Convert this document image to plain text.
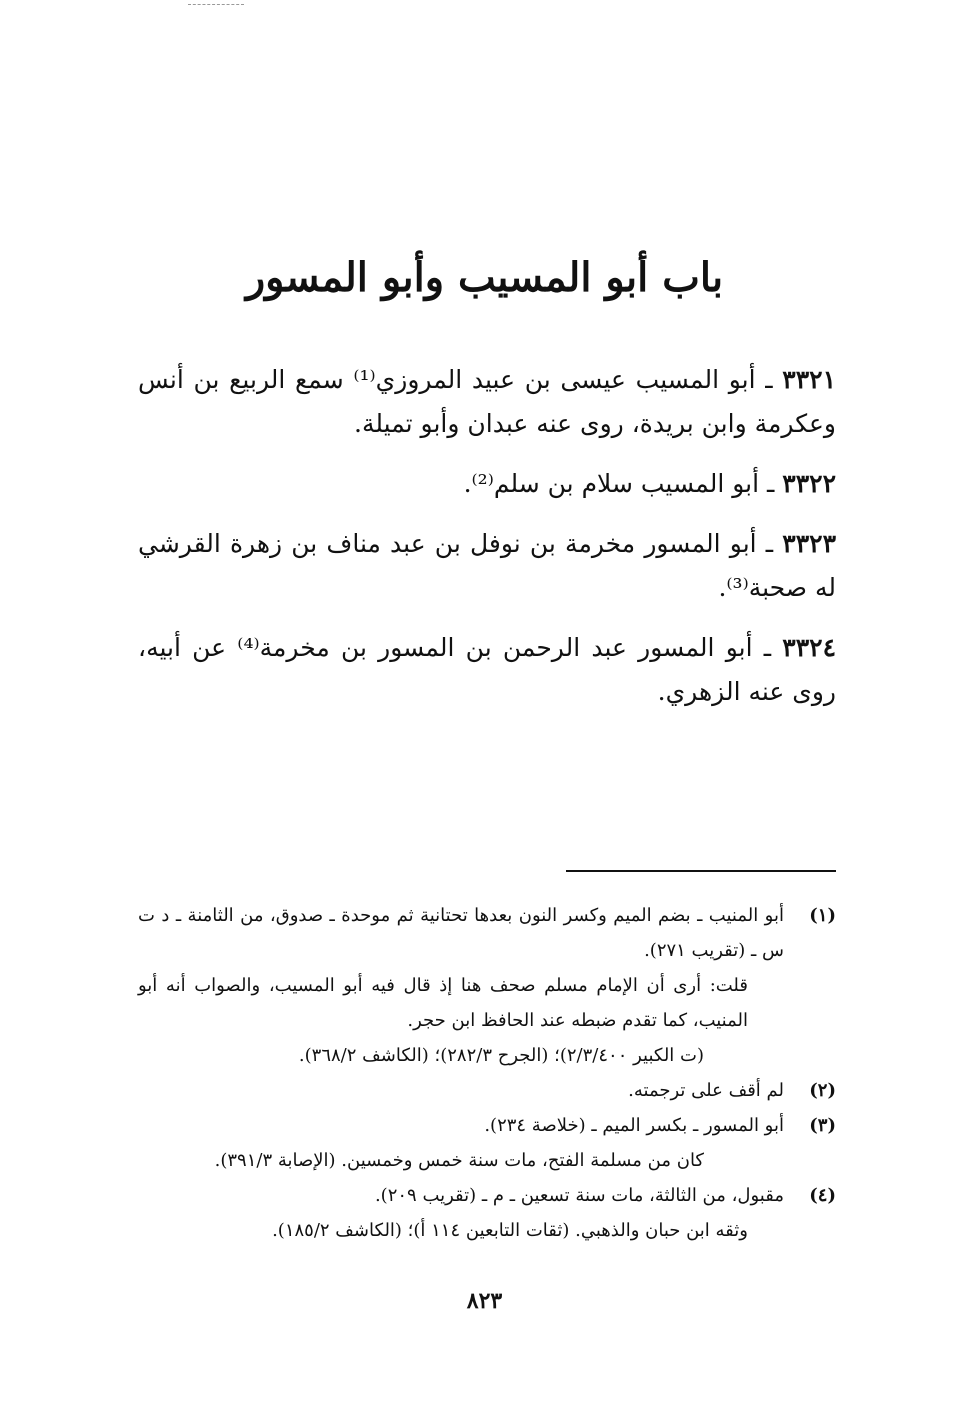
باب أبو المسيب وأبو المسور

٣٣٢١ ـ أبو المسيب عيسى بن عبيد المروزي⁽¹⁾ سمع الربيع بن أنس وعكرمة وابن بريدة، روى عنه عبدان وأبو تميلة.

٣٣٢٢ ـ أبو المسيب سلام بن سلم⁽²⁾.

٣٣٢٣ ـ أبو المسور مخرمة بن نوفل بن عبد مناف بن زهرة القرشي له صحبة⁽³⁾.

٣٣٢٤ ـ أبو المسور عبد الرحمن بن المسور بن مخرمة⁽⁴⁾ عن أبيه، روى عنه الزهري.

(١)
أبو المنيب ـ بضم الميم وكسر النون بعدها تحتانية ثم موحدة ـ صدوق، من الثامنة ـ د ت س ـ (تقريب ٢٧١).

قلت: أرى أن الإمام مسلم صحف هنا إذ قال فيه أبو المسيب، والصواب أنه أبو المنيب، كما تقدم ضبطه عند الحافظ ابن حجر.

(ت الكبير ٢/٣/٤٠٠)؛ (الجرح ٢٨٢/٣)؛ (الكاشف ٣٦٨/٢).

(٢)
لم أقف على ترجمته.
(٣)
أبو المسور ـ بكسر الميم ـ (خلاصة ٢٣٤).

كان من مسلمة الفتح، مات سنة خمس وخمسين. (الإصابة ٣٩١/٣).

(٤)
مقبول، من الثالثة، مات سنة تسعين ـ م ـ (تقريب ٢٠٩).

وثقه ابن حبان والذهبي. (ثقات التابعين ١١٤ أ)؛ (الكاشف ١٨٥/٢).

٨٢٣
